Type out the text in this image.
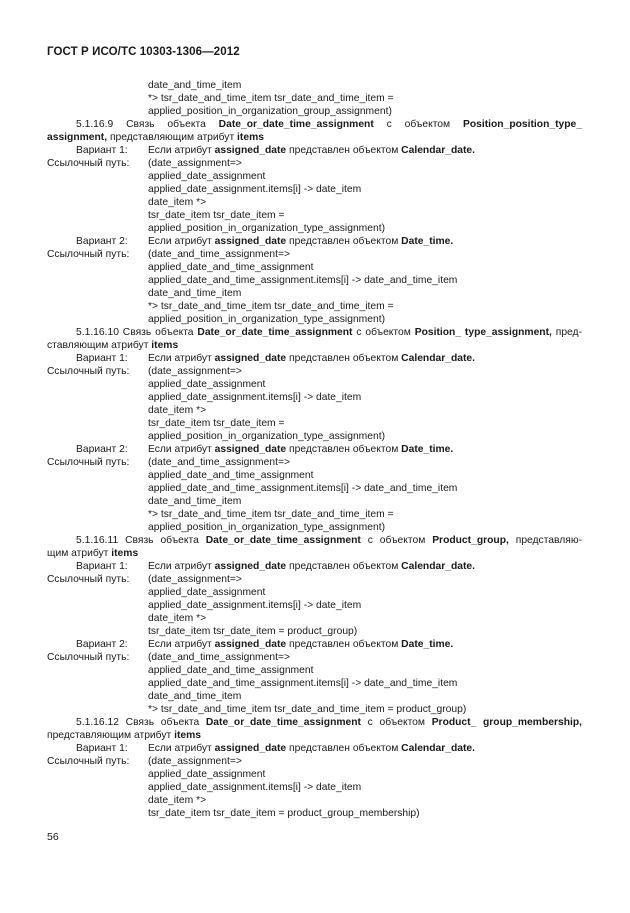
ГОСТ Р ИСО/ТС 10303-1306—2012
date_and_time_item
*> tsr_date_and_time_item tsr_date_and_time_item =
applied_position_in_organization_group_assignment)
5.1.16.9 Связь объекта Date_or_date_time_assignment с объектом Position_position_type_
assignment, представляющим атрибут items
Вариант 1: Если атрибут assigned_date представлен объектом Calendar_date.
Ссылочный путь: (date_assignment=>
applied_date_assignment
applied_date_assignment.items[i] -> date_item
date_item *>
tsr_date_item tsr_date_item =
applied_position_in_organization_type_assignment)
Вариант 2: Если атрибут assigned_date представлен объектом Date_time.
Ссылочный путь: (date_and_time_assignment=>
applied_date_and_time_assignment
applied_date_and_time_assignment.items[i] -> date_and_time_item
date_and_time_item
*> tsr_date_and_time_item tsr_date_and_time_item =
applied_position_in_organization_type_assignment)
5.1.16.10 Связь объекта Date_or_date_time_assignment с объектом Position_ type_assignment, пред-
ставляющим атрибут items
Вариант 1: Если атрибут assigned_date представлен объектом Calendar_date.
Ссылочный путь: (date_assignment=>
applied_date_assignment
applied_date_assignment.items[i] -> date_item
date_item *>
tsr_date_item tsr_date_item =
applied_position_in_organization_type_assignment)
Вариант 2: Если атрибут assigned_date представлен объектом Date_time.
Ссылочный путь: (date_and_time_assignment=>
applied_date_and_time_assignment
applied_date_and_time_assignment.items[i] -> date_and_time_item
date_and_time_item
*> tsr_date_and_time_item tsr_date_and_time_item =
applied_position_in_organization_type_assignment)
5.1.16.11 Связь объекта Date_or_date_time_assignment с объектом Product_group, представляю-
щим атрибут items
Вариант 1: Если атрибут assigned_date представлен объектом Calendar_date.
Ссылочный путь: (date_assignment=>
applied_date_assignment
applied_date_assignment.items[i] -> date_item
date_item *>
tsr_date_item tsr_date_item = product_group)
Вариант 2: Если атрибут assigned_date представлен объектом Date_time.
Ссылочный путь: (date_and_time_assignment=>
applied_date_and_time_assignment
applied_date_and_time_assignment.items[i] -> date_and_time_item
date_and_time_item
*> tsr_date_and_time_item tsr_date_and_time_item = product_group)
5.1.16.12 Связь объекта Date_or_date_time_assignment с объектом Product_ group_membership,
представляющим атрибут items
Вариант 1: Если атрибут assigned_date представлен объектом Calendar_date.
Ссылочный путь: (date_assignment=>
applied_date_assignment
applied_date_assignment.items[i] -> date_item
date_item *>
tsr_date_item tsr_date_item = product_group_membership)
56
